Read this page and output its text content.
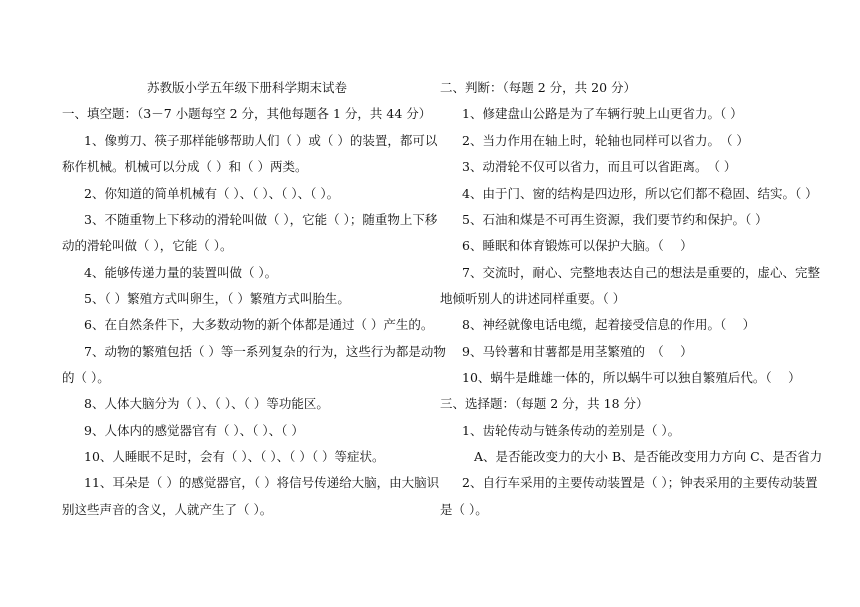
苏教版小学五年级下册科学期末试卷
一、填空题：（3－7 小题每空 2 分，其他每题各 1 分，共 44 分）
1、像剪刀、筷子那样能够帮助人们（ ）或（ ）的装置，都可以
称作机械。机械可以分成（ ）和（ ）两类。
2、你知道的简单机械有（ ）、（ ）、（ ）、（ ）。
3、不随重物上下移动的滑轮叫做（ ），它能（ ）；随重物上下移
动的滑轮叫做（ ），它能（ ）。
4、能够传递力量的装置叫做（ ）。
5、（ ）繁殖方式叫卵生，（ ）繁殖方式叫胎生。
6、在自然条件下，大多数动物的新个体都是通过（ ）产生的。
7、动物的繁殖包括（ ）等一系列复杂的行为，这些行为都是动物
的（ ）。
8、人体大脑分为（ ）、（ ）、（ ）等功能区。
9、人体内的感觉器官有（ ）、（ ）、（ ）
10、人睡眠不足时，会有（ ）、（ ）、（ ）（ ）等症状。
11、耳朵是（ ）的感觉器官，（ ）将信号传递给大脑，由大脑识
别这些声音的含义，人就产生了（ ）。
二、判断：（每题 2 分，共 20 分）
1、修建盘山公路是为了车辆行驶上山更省力。（ ）
2、当力作用在轴上时，轮轴也同样可以省力。　（ ）
3、动滑轮不仅可以省力，而且可以省距离。　（ ）
4、由于门、窗的结构是四边形，所以它们都不稳固、结实。（ ）
5、石油和煤是不可再生资源，我们要节约和保护。（ ）
6、睡眠和体育锻炼可以保护大脑。（　 ）
7、交流时，耐心、完整地表达自己的想法是重要的，虚心、完整
地倾听别人的讲述同样重要。（ ）
8、神经就像电话电缆，起着接受信息的作用。（　 ）
9、马铃薯和甘薯都是用茎繁殖的　（　 ）
10、蜗牛是雌雄一体的，所以蜗牛可以独自繁殖后代。（　 ）
三、选择题：（每题 2 分，共 18 分）
1、齿轮传动与链条传动的差别是（ ）。
A、是否能改变力的大小 B、是否能改变用力方向 C、是否省力
2、自行车采用的主要传动装置是（ ）；钟表采用的主要传动装置
是（ ）。
